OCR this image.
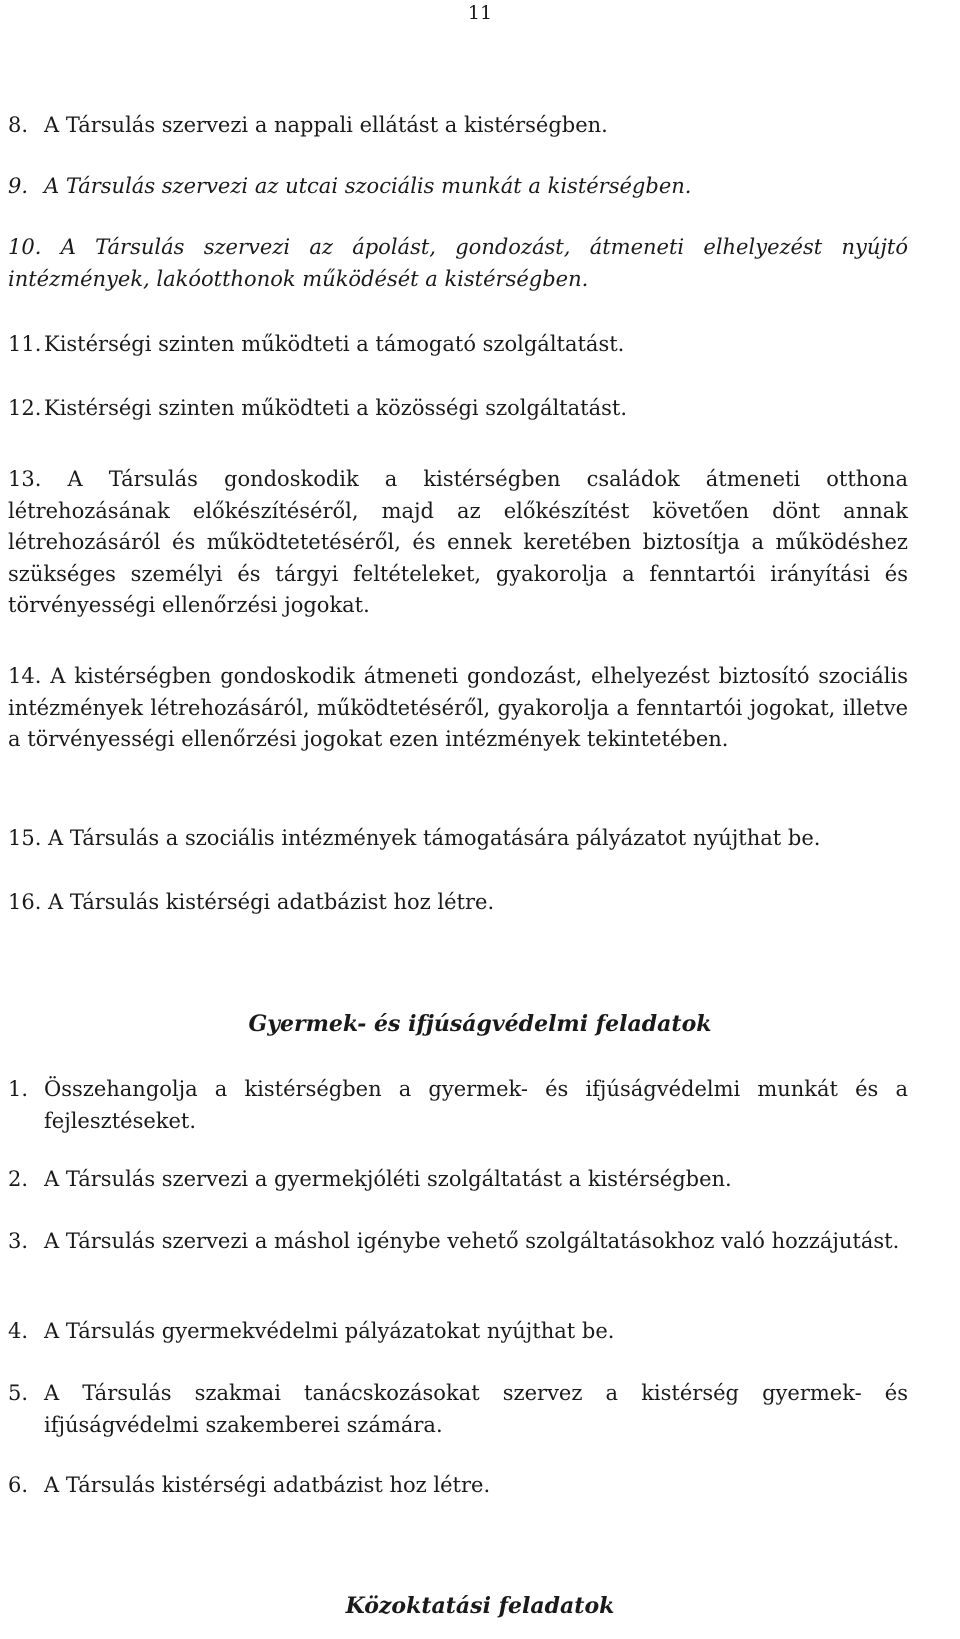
11
8. A Társulás szervezi a nappali ellátást a kistérségben.
9. A Társulás szervezi az utcai szociális munkát a kistérségben.
10. A Társulás szervezi az ápolást, gondozást, átmeneti elhelyezést nyújtó intézmények, lakóotthonok működését a kistérségben.
11. Kistérségi szinten működteti a támogató szolgáltatást.
12. Kistérségi szinten működteti a közösségi szolgáltatást.
13. A Társulás gondoskodik a kistérségben családok átmeneti otthona létrehozásának előkészítéséről, majd az előkészítést követően dönt annak létrehozásáról és működtetetéséről, és ennek keretében biztosítja a működéshez szükséges személyi és tárgyi feltételeket, gyakorolja a fenntartói irányítási és törvényességi ellenőrzési jogokat.
14. A kistérségben gondoskodik átmeneti gondozást, elhelyezést biztosító szociális intézmények létrehozásáról, működtetéséről, gyakorolja a fenntartói jogokat, illetve a törvényességi ellenőrzési jogokat ezen intézmények tekintetében.
15. A Társulás a szociális intézmények támogatására pályázatot nyújthat be.
16. A Társulás kistérségi adatbázist hoz létre.
Gyermek- és ifjúságvédelmi feladatok
1. Összehangolja a kistérségben a gyermek- és ifjúságvédelmi munkát és a fejlesztéseket.
2. A Társulás szervezi a gyermekjóléti szolgáltatást a kistérségben.
3. A Társulás szervezi a máshol igénybe vehető szolgáltatásokhoz való hozzájutást.
4. A Társulás gyermekvédelmi pályázatokat nyújthat be.
5. A Társulás szakmai tanácskozásokat szervez a kistérség gyermek- és ifjúságvédelmi szakemberei számára.
6. A Társulás kistérségi adatbázist hoz létre.
Közoktatási feladatok
